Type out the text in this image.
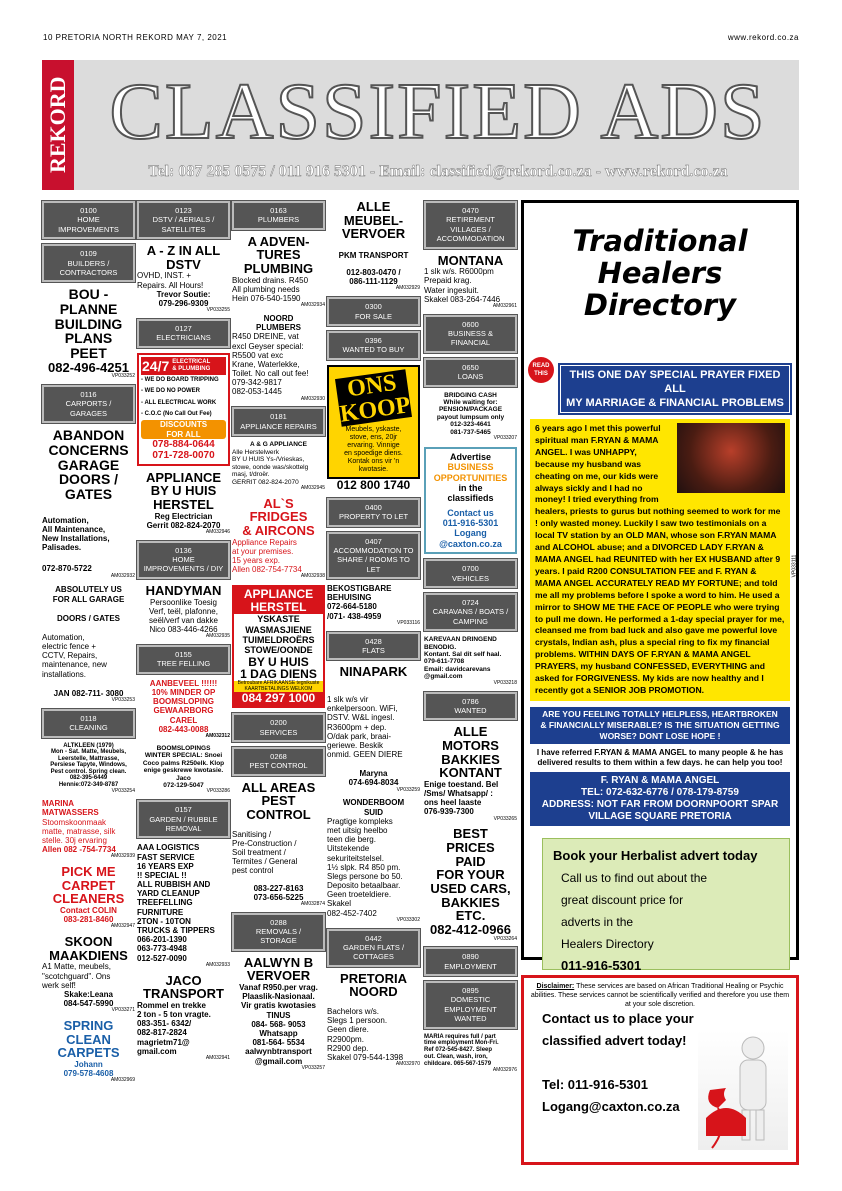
10 PRETORIA NORTH REKORD MAY 7, 2021	www.rekord.co.za
REKORD CLASSIFIED ADS
Tel: 087 285 0575 / 011 916 5301 - Email: classified@rekord.co.za - www.rekord.co.za
0100
HOME IMPROVEMENTS
0109
BUILDERS /
CONTRACTORS
BOU -
PLANNE
BUILDING
PLANS
PEET
082-496-4251
VP033252
0116
CARPORTS /
GARAGES
ABANDON
CONCERNS
GARAGE
DOORS /
GATES
Automation,
All Maintenance,
New Installations,
Palisades.
072-870-5722
AM032932
ABSOLUTELY US
FOR ALL GARAGE
DOORS / GATES
Automation,
electric fence +
CCTV, Repairs,
maintenance, new
installations.
JAN 082-711- 3080
VP033253
0118
CLEANING
ALTKLEEN (1979)
Mon - Sat. Matte, Meubels,
Leerstelle, Mattrasse,
Persiese Tapyte, Windows,
Pest control. Spring clean.
082-395-6449
Hennie:072-349-8787
VP033254
MARINA
MATWASSERS
Stoomskoonmaak
matte, matrasse, silk
stelle. 30j ervaring
Allen 082 -754-7734
AM032939
PICK ME
CARPET
CLEANERS
Contact COLIN
083-281-8460
AM032947
SKOON
MAAKDIENS
A1 Matte, meubels,
"scotchguard". Ons
werk self!
Skake:Leana
084-547-5990
VP033271
SPRING
CLEAN
CARPETS
Johann
079-578-4608
AM032969
0123
DSTV / AERIALS /
SATELLITES
A - Z IN ALL
DSTV
OVHD, INST. +
Repairs. All Hours!
Trevor Soutie:
079-296-9309
VP033255
0127
ELECTRICIANS
24/7 ELECTRICAL
& PLUMBING
- WE DO BOARD TRIPPING
- WE DO NO POWER
- ALL ELECTRICAL WORK
- C.O.C (No Call Out Fee)
DISCOUNTS
FOR ALL
078-884-0644
071-728-0070
APPLIANCE
BY U HUIS
HERSTEL
Reg Electrician
Gerrit 082-824-2070
AM032946
0136
HOME
IMPROVEMENTS / DIY
HANDYMAN
Persoonlike Toesig
Verf, teël, plafonne,
seël/verf van dakke
Nico 083-446-4266
AM032935
0155
TREE FELLING
AANBEVEEL !!!!!!
10% MINDER OP
BOOMSLOPING
GEWAARBORG
CAREL
082-443-0088
AM032312
BOOMSLOPINGS
WINTER SPECIAL: Snoei
Coco palms R250elk. Klop
enige geskrewe kwotasie.
Jaco
072-129-5047
VP033286
0157
GARDEN / RUBBLE
REMOVAL
AAA LOGISTICS
FAST SERVICE
16 YEARS EXP
!! SPECIAL !!
ALL RUBBISH AND
YARD CLEANUP
TREEFELLING
FURNITURE
2TON - 10TON
TRUCKS & TIPPERS
066-201-1390
063-773-4948
012-527-0090
AM032933
JACO
TRANSPORT
Rommel en trekke
2 ton - 5 ton vragte.
083-351- 6342/
082-817-2824
magrietm71@
gmail.com
AM032941
0163
PLUMBERS
A ADVEN-
TURES
PLUMBING
Blocked drains. R450
All plumbing needs
Hein 076-540-1590
AM032934
NOORD
PLUMBERS
R450 DREINE, vat
excl Geyser special:
R5500 vat exc
Krane, Waterlekke,
Toilet. No call out fee!
079-342-9817
082-053-1445
AM032930
0181
APPLIANCE REPAIRS
A & G APPLIANCE
Alle Herstelwerk
BY U HUIS Ys-/Vrieskas,
stowe, oonde was/skottelg
masj, t/droër.
GERRIT 082-824-2070
AM032945
AL`S
FRIDGES
& AIRCONS
Appliance Repairs
at your premises.
15 years exp.
Allen 082-754-7734
AM032938
APPLIANCE
HERSTEL
YSKASTE
WASMASJIENE
TUIMELDROËRS
STOWE/OONDE
BY U HUIS
1 DAG DIENS
Betroubare AFRIKAANSE tegnikuste
KAARTBETALINGS WELKOM
084 297 1000
0200
SERVICES
0268
PEST CONTROL
ALL AREAS
PEST
CONTROL
Sanitising /
Pre-Construction /
Soil treatment /
Termites / General
pest control
083-227-8163
073-656-5225
AM032874
0288
REMOVALS /
STORAGE
AALWYN B
VERVOER
Vanaf R950.per vrag.
Plaaslik-Nasionaal.
Vir gratis kwotasies
TINUS
084- 568- 9053
Whatsapp
081-564- 5534
aalwynbtransport
@gmail.com
VP033257
ALLE
MEUBEL-
VERVOER
PKM TRANSPORT
012-803-0470 /
086-111-1129
AM032929
0300
FOR SALE
0396
WANTED TO BUY
ONS
KOOP
Meubels, yskaste,
stove, ens, 20jr
ervaring. Vinnige
en spoedige diens.
Kontak ons vir 'n
kwotasie.
012 800 1740
0400
PROPERTY TO LET
0407
ACCOMMODATION TO
SHARE / ROOMS TO
LET
BEKOSTIGBARE
BEHUISING
072-664-5180
/071- 438-4959
VP033116
0428
FLATS
NINAPARK
1 slk w/s vir
enkelpersoon. WiFi,
DSTV. W&L ingesl.
R3600pm + dep.
O/dak park, braai-
geriewe. Beskik
onmid. GEEN DIERE
Maryna
074-694-8034
VP033259
WONDERBOOM
SUID
Pragtige kompleks
met uitsig heelbo
teen die berg.
Uitstekende
sekuriteitstelsel.
1½ slpk. R4 850 pm.
Slegs persone bo 50.
Deposito betaalbaar.
Geen troeteldiere.
Skakel
082-452-7402
VP033302
0442
GARDEN FLATS /
COTTAGES
PRETORIA
NOORD
Bachelors w/s.
Slegs 1 persoon.
Geen diere.
R2900pm.
R2900 dep.
Skakel 079-544-1398
AM032970
0470
RETIREMENT
VILLAGES /
ACCOMMODATION
MONTANA
1 slk w/s. R6000pm
Prepaid krag.
Water ingesluit.
Skakel 083-264-7446
AM032961
0600
BUSINESS &
FINANCIAL
0650
LOANS
BRIDGING CASH
While waiting for:
PENSION/PACKAGE
payout lumpsum only
012-323-4641
081-737-5465
VP033207
Advertise
BUSINESS
OPPORTUNITIES
in the
classifieds
Contact us
011-916-5301
Logang
@caxton.co.za
0700
VEHICLES
0724
CARAVANS / BOATS /
CAMPING
KAREVAAN DRINGEND
BENODIG.
Kontant. Sal dit self haal.
079-611-7708
Email: davidcarevans
@gmail.com
VP033218
0786
WANTED
ALLE
MOTORS
BAKKIES
KONTANT
Enige toestand. Bel
/Sms/ Whatsapp/ :
ons heel laaste
076-939-7300
VP033265
BEST
PRICES
PAID
FOR YOUR
USED CARS,
BAKKIES
ETC.
082-412-0966
VP033264
0890
EMPLOYMENT
0895
DOMESTIC
EMPLOYMENT
WANTED
MARIA requires full / part
time employment Mon-Fri.
Ref 072-545-8427. Sleep
out. Clean, wash, iron,
childcare. 065-567-1579
AM032976
Traditional
Healers
Directory
READ
THIS	THIS ONE DAY SPECIAL PRAYER FIXED ALL
MY MARRIAGE & FINANCIAL PROBLEMS
6 years ago I met this powerful spiritual man F.RYAN & MAMA ANGEL. I was UNHAPPY, because my husband was cheating on me, our kids were always sickly and I had no money! I tried everything from healers, priests to gurus but nothing seemed to work for me ! only wasted money. Luckily I saw two testimonials on a local TV station by an OLD MAN, whose son F.RYAN MAMA and ALCOHOL abuse; and a DIVORCED LADY F.RYAN & MAMA ANGEL had REUNITED with her EX HUSBAND after 9 years. I paid R200 CONSULTATION FEE and F. RYAN & MAMA ANGEL ACCURATELY READ MY FORTUNE; and told me all my problems before I spoke a word to him. He used a mirror to SHOW ME THE FACE OF PEOPLE who were trying to pull me down. He performed a 1-day special prayer for me, cleansed me from bad luck and also gave me powerful love crystals, Indian ash, plus a special ring to fix my financial problems. WITHIN DAYS OF F.RYAN & MAMA ANGEL PRAYERS, my husband CONFESSED, EVERYTHING and asked for FORGIVENESS. My kids are now healthy and I recently got a SENIOR JOB PROMOTION.
ARE YOU FEELING TOTALLY HELPLESS, HEARTBROKEN
& FINANCIALLY MISERABLE? IS THE SITUATION GETTING
WORSE? DONT LOSE HOPE !
I have referred F.RYAN & MAMA ANGEL to many people & he has
delivered results to them within a few days. he can help you too!
F. RYAN & MAMA ANGEL
TEL: 072-632-6776 / 078-179-8759
ADDRESS: NOT FAR FROM DOORNPOORT SPAR VILLAGE SQUARE PRETORIA
Book your Herbalist advert today
Call us to find out about the
great discount price for
adverts in the
Healers Directory
011-916-5301
Disclaimer: These services are based on African Traditional Healing or Psychic abilities. These services cannot be scientifically verified and therefore you use them at your sole discretion.
VP033111
Contact us to place your
classified advert today!
Tel: 011-916-5301
Logang@caxton.co.za
